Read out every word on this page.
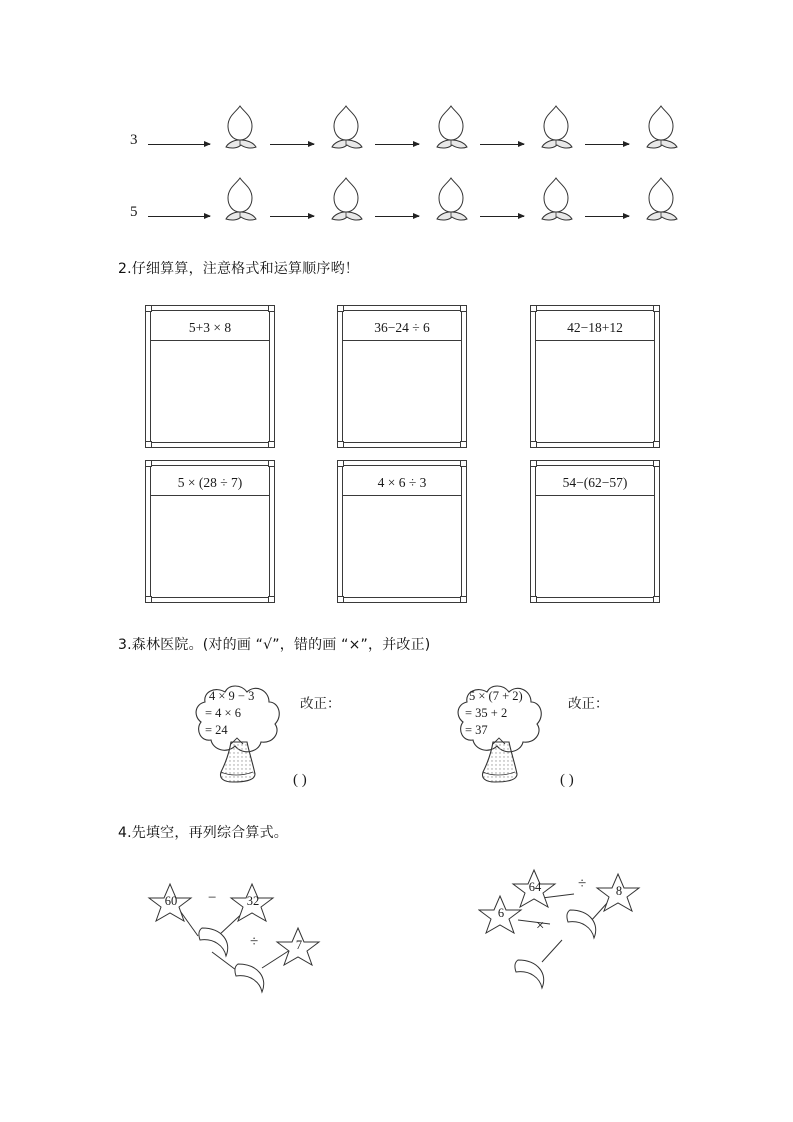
3
5
2.仔细算算，注意格式和运算顺序哟！
5+3 × 8	36−24 ÷ 6	42−18+12
5 × (28 ÷ 7)	4 × 6 ÷ 3	54−(62−57)
3.森林医院。(对的画 “√”，错的画 “×”，并改正)
4 × 9 − 3
= 4 × 6
= 24
改正：
( )
5 × (7 + 2)
= 35 + 2
= 37
改正：
( )
4.先填空，再列综合算式。
60	32
7
−
÷
64	8
6
÷
×
